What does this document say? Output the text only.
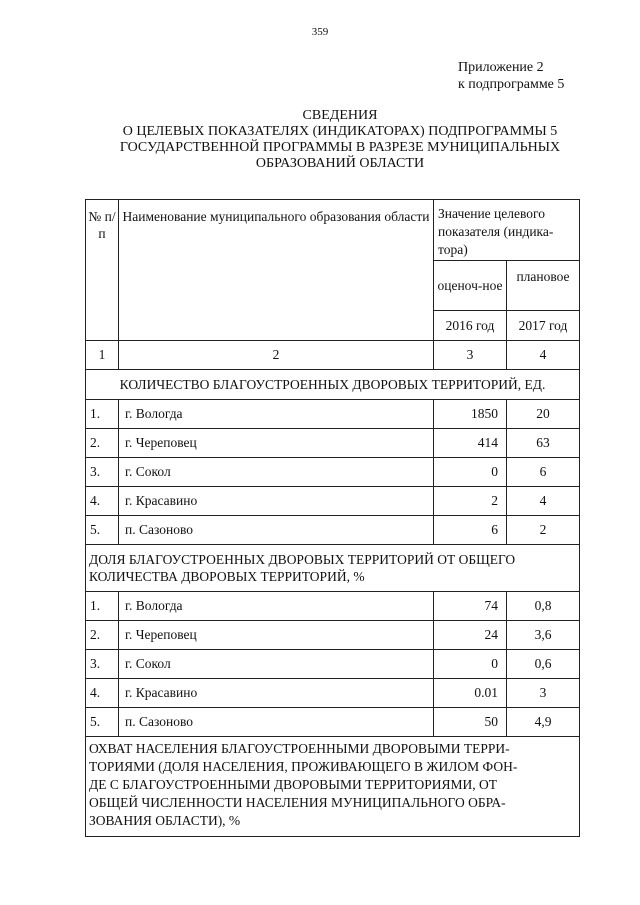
359
Приложение 2
к подпрограмме 5
СВЕДЕНИЯ
О ЦЕЛЕВЫХ ПОКАЗАТЕЛЯХ (ИНДИКАТОРАХ) ПОДПРОГРАММЫ 5
ГОСУДАРСТВЕННОЙ ПРОГРАММЫ В РАЗРЕЗЕ МУНИЦИПАЛЬНЫХ
ОБРАЗОВАНИЙ ОБЛАСТИ
№ п/п	Наименование муниципального образования области	Значение целевого показателя (индика-тора)	
		оценоч-ное	плановое
		2016 год	2017 год
1	2	3	4
КОЛИЧЕСТВО БЛАГОУСТРОЕННЫХ ДВОРОВЫХ ТЕРРИТОРИЙ, ЕД.			
1.	г. Вологда	1850	20
2.	г. Череповец	414	63
3.	г. Сокол	0	6
4.	г. Красавино	2	4
5.	п. Сазоново	6	2

ДОЛЯ БЛАГОУСТРОЕННЫХ ДВОРОВЫХ ТЕРРИТОРИЙ ОТ ОБЩЕГО
КОЛИЧЕСТВА ДВОРОВЫХ ТЕРРИТОРИЙ, %			

1.	г. Вологда	74	0,8
2.	г. Череповец	24	3,6
3.	г. Сокол	0	0,6
4.	г. Красавино	0.01	3
5.	п. Сазоново	50	4,9

ОХВАТ НАСЕЛЕНИЯ БЛАГОУСТРОЕННЫМИ ДВОРОВЫМИ ТЕРРИ-
ТОРИЯМИ (ДОЛЯ НАСЕЛЕНИЯ, ПРОЖИВАЮЩЕГО В ЖИЛОМ ФОН-
ДЕ С БЛАГОУСТРОЕННЫМИ ДВОРОВЫМИ ТЕРРИТОРИЯМИ, ОТ
ОБЩЕЙ ЧИСЛЕННОСТИ НАСЕЛЕНИЯ МУНИЦИПАЛЬНОГО ОБРА-
ЗОВАНИЯ ОБЛАСТИ), %			
